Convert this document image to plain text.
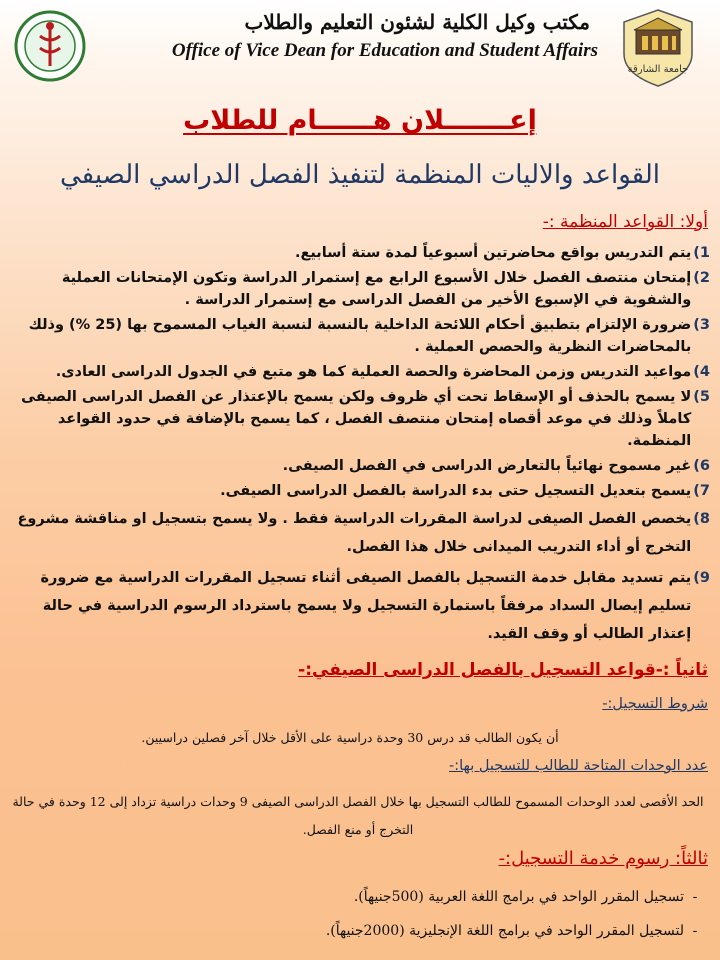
جامعة الشارقة
مكتب وكيل الكلية لشئون التعليم والطلاب
Office of Vice Dean for Education and Student Affairs
إعـــــــلان هــــــام للطلاب
القواعد والاليات المنظمة لتنفيذ الفصل الدراسي الصيفي
أولا: القواعد المنظمة :-
1)
يتم التدريس بواقع محاضرتين أسبوعياً لمدة ستة أسابيع.
2)
إمتحان منتصف الفصل خلال الأسبوع الرابع مع إستمرار الدراسة وتكون الإمتحانات العملية والشفوية في الإسبوع الأخير من الفصل الدراسى مع إستمرار الدراسة .
3)
ضرورة الإلتزام بتطبيق أحكام اللائحة الداخلية بالنسبة لنسبة الغياب المسموح بها (25 %) وذلك بالمحاضرات النظرية والحصص العملية .
4)
مواعيد التدريس وزمن المحاضرة والحصة العملية كما هو متبع في الجدول الدراسى العادى.
5)
لا يسمح بالحذف أو الإسقاط تحت أي ظروف ولكن يسمح بالإعتذار عن الفصل الدراسى الصيفى كاملاً وذلك في موعد أقصاه إمتحان منتصف الفصل ، كما يسمح بالإضافة في حدود القواعد المنظمة.
6)
غير مسموح نهائياً بالتعارض الدراسى في الفصل الصيفى.
7)
يسمح بتعديل التسجيل حتى بدء الدراسة بالفصل الدراسى الصيفى.
8)
يخصص الفصل الصيفى لدراسة المقررات الدراسية فقط . ولا يسمح بتسجيل او مناقشة مشروع التخرج أو أداء التدريب الميدانى خلال هذا الفصل.
9)
يتم تسديد مقابل خدمة التسجيل بالفصل الصيفى أثناء تسجيل المقررات الدراسية مع ضرورة تسليم إيصال السداد مرفقاً باستمارة التسجيل ولا يسمح باسترداد الرسوم الدراسية في حالة إعتذار الطالب أو وقف القيد.
ثانياً :-قواعد التسجيل بالفصل الدراسى الصيفي:-
شروط التسجيل:-
أن يكون الطالب قد درس 30 وحدة دراسية على الأقل خلال آخر فصلين دراسيين.
عدد الوحدات المتاحة للطالب للتسجيل بها:-
الحد الأقصى لعدد الوحدات المسموح للطالب التسجيل بها خلال الفصل الدراسى الصيفى 9 وحدات دراسية تزداد إلى 12 وحدة في حالة التخرج أو منع الفصل.
ثالثاً: رسوم خدمة التسجيل:-
-تسجيل المقرر الواحد في برامج اللغة العربية (500جنيهاً).
-لتسجيل المقرر الواحد في برامج اللغة الإنجليزية (2000جنيهاً).
